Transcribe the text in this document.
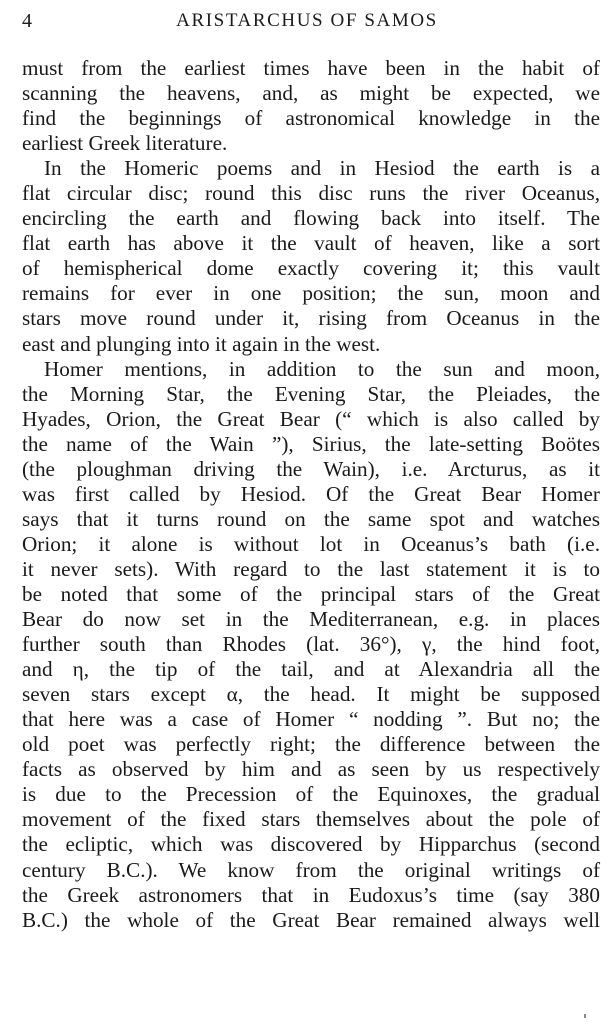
4	ARISTARCHUS OF SAMOS
must from the earliest times have been in the habit of
scanning the heavens, and, as might be expected, we
find the beginnings of astronomical knowledge in the
earliest Greek literature.
In the Homeric poems and in Hesiod the earth is a
flat circular disc; round this disc runs the river Oceanus,
encircling the earth and flowing back into itself. The
flat earth has above it the vault of heaven, like a sort
of hemispherical dome exactly covering it; this vault
remains for ever in one position; the sun, moon and
stars move round under it, rising from Oceanus in the
east and plunging into it again in the west.
Homer mentions, in addition to the sun and moon,
the Morning Star, the Evening Star, the Pleiades, the
Hyades, Orion, the Great Bear (“ which is also called by
the name of the Wain ”), Sirius, the late-setting Boötes
(the ploughman driving the Wain), i.e. Arcturus, as it
was first called by Hesiod. Of the Great Bear Homer
says that it turns round on the same spot and watches
Orion; it alone is without lot in Oceanus’s bath (i.e.
it never sets). With regard to the last statement it is to
be noted that some of the principal stars of the Great
Bear do now set in the Mediterranean, e.g. in places
further south than Rhodes (lat. 36°), γ, the hind foot,
and η, the tip of the tail, and at Alexandria all the
seven stars except α, the head. It might be supposed
that here was a case of Homer “ nodding ”. But no; the
old poet was perfectly right; the difference between the
facts as observed by him and as seen by us respectively
is due to the Precession of the Equinoxes, the gradual
movement of the fixed stars themselves about the pole of
the ecliptic, which was discovered by Hipparchus (second
century B.C.). We know from the original writings of
the Greek astronomers that in Eudoxus’s time (say 380
B.C.) the whole of the Great Bear remained always well
